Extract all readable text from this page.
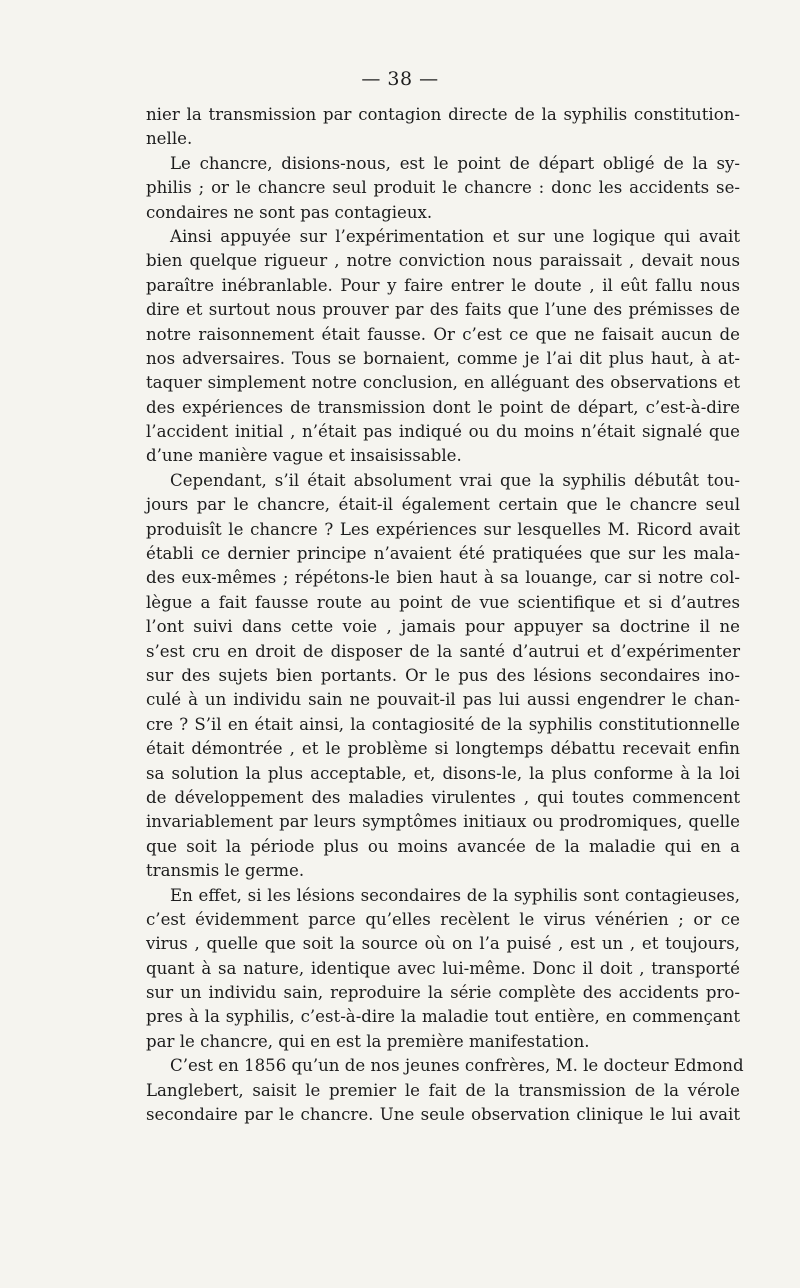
— 38 —
nier la transmission par contagion directe de la syphilis constitution-
nelle.
Le chancre, disions-nous, est le point de départ obligé de la sy-
philis ; or le chancre seul produit le chancre : donc les accidents se-
condaires ne sont pas contagieux.
Ainsi appuyée sur l’expérimentation et sur une logique qui avait
bien quelque rigueur , notre conviction nous paraissait , devait nous
paraître inébranlable. Pour y faire entrer le doute , il eût fallu nous
dire et surtout nous prouver par des faits que l’une des prémisses de
notre raisonnement était fausse. Or c’est ce que ne faisait aucun de
nos adversaires. Tous se bornaient, comme je l’ai dit plus haut, à at-
taquer simplement notre conclusion, en alléguant des observations et
des expériences de transmission dont le point de départ, c’est-à-dire
l’accident initial , n’était pas indiqué ou du moins n’était signalé que
d’une manière vague et insaisissable.
Cependant, s’il était absolument vrai que la syphilis débutât tou-
jours par le chancre, était-il également certain que le chancre seul
produisît le chancre ? Les expériences sur lesquelles M. Ricord avait
établi ce dernier principe n’avaient été pratiquées que sur les mala-
des eux-mêmes ; répétons-le bien haut à sa louange, car si notre col-
lègue a fait fausse route au point de vue scientifique et si d’autres
l’ont suivi dans cette voie , jamais pour appuyer sa doctrine il ne
s’est cru en droit de disposer de la santé d’autrui et d’expérimenter
sur des sujets bien portants. Or le pus des lésions secondaires ino-
culé à un individu sain ne pouvait-il pas lui aussi engendrer le chan-
cre ? S’il en était ainsi, la contagiosité de la syphilis constitutionnelle
était démontrée , et le problème si longtemps débattu recevait enfin
sa solution la plus acceptable, et, disons-le, la plus conforme à la loi
de développement des maladies virulentes , qui toutes commencent
invariablement par leurs symptômes initiaux ou prodromiques, quelle
que soit la période plus ou moins avancée de la maladie qui en a
transmis le germe.
En effet, si les lésions secondaires de la syphilis sont contagieuses,
c’est évidemment parce qu’elles recèlent le virus vénérien ; or ce
virus , quelle que soit la source où on l’a puisé , est un , et toujours,
quant à sa nature, identique avec lui-même. Donc il doit , transporté
sur un individu sain, reproduire la série complète des accidents pro-
pres à la syphilis, c’est-à-dire la maladie tout entière, en commençant
par le chancre, qui en est la première manifestation.
C’est en 1856 qu’un de nos jeunes confrères, M. le docteur Edmond
Langlebert, saisit le premier le fait de la transmission de la vérole
secondaire par le chancre. Une seule observation clinique le lui avait
